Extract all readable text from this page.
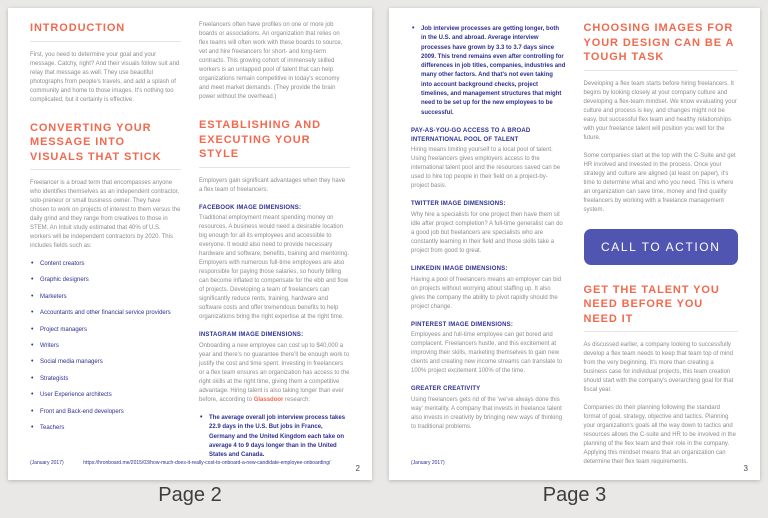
INTRODUCTION

First, you need to determine your goal and your message. Catchy, right? And their visuals follow suit and relay that message as well. They use beautiful photographs from people's travels, and add a splash of community and home to those images. It's nothing too complicated, but it certainly is effective.

CONVERTING YOUR MESSAGE INTO VISUALS THAT STICK

Freelancer is a broad term that encompasses anyone who identifies themselves as an independent contractor, solo-preneur or small business owner. They have chosen to work on projects of interest to them versus the daily grind and they range from creatives to those in STEM. An Intuit study estimated that 40% of U.S. workers will be independent contractors by 2020. This includes fields such as:

• Content creators
• Graphic designers
• Marketers
• Accountants and other financial service providers
• Project managers
• Writers
• Social media managers
• Strategists
• User Experience architects
• Front and Back-end developers
• Teachers

Freelancers often have profiles on one or more job boards or associations. An organization that relies on flex teams will often work with these boards to source, vet and hire freelancers for short- and long-term contracts. This growing cohort of immensely skilled workers is an untapped pool of talent that can help organizations remain competitive in today's economy and meet market demands. (They provide the brain power without the overhead.)

ESTABLISHING AND EXECUTING YOUR STYLE

Employers gain significant advantages when they have a flex team of freelancers:

FACEBOOK IMAGE DIMENSIONS:

Traditional employment meant spending money on resources. A business would need a desirable location big enough for all its employees and accessible to everyone. It would also need to provide necessary hardware and software, benefits, training and mentoring. Employers with numerous full-time employees are also responsible for paying those salaries, so hourly billing can become inflated to compensate for the ebb and flow of projects. Developing a team of freelancers can significantly reduce rents, training, hardware and software costs and offer tremendous benefits to help organizations bring the right expertise at the right time.

INSTAGRAM IMAGE DIMENSIONS:

Onboarding a new employee can cost up to $40,000 a year and there's no guarantee there'll be enough work to justify the cost and time spent. Investing in freelancers or a flex team ensures an organization has access to the right skills at the right time, giving them a competitive advantage. Hiring talent is also taking longer than ever before, according to Glassdoor research:

• The average overall job interview process takes 22.9 days in the U.S. But jobs in France, Germany and the United Kingdom each take on average 4 to 9 days longer than in the United States and Canada.
(January 2017)	https://hronboard.me/2015/03/how-much-does-it-really-cost-to-onboard-a-new-candidate-employee-onboarding/
2
• Job interview processes are getting longer, both in the U.S. and abroad. Average interview processes have grown by 3.3 to 3.7 days since 2009. This trend remains even after controlling for differences in job titles, companies, industries and many other factors. And that's not even taking into account background checks, project timelines, and management structures that might need to be set up for the new employees to be successful.
PAY-AS-YOU-GO ACCESS TO A BROAD INTERNATIONAL POOL OF TALENT

Hiring means limiting yourself to a local pool of talent. Using freelancers gives employers access to the international talent pool and the resources saved can be used to hire top people in their field on a project-by-project basis.

TWITTER IMAGE DIMENSIONS:

Why hire a specialists for one project then have them sit idle after project completion? A full-time generalist can do a good job but freelancers are specialists who are constantly learning in their field and those skills take a project from good to great.

LINKEDIN IMAGE DIMENSIONS:

Having a pool of freelancers means an employer can bid on projects without worrying about staffing up. It also gives the company the ability to pivot rapidly should the project change.

PINTEREST IMAGE DIMENSIONS:

Employees and full-time employee can get bored and complacent. Freelancers hustle, and this excitement at improving their skills, marketing themselves to gain new clients and creating new income streams can translate to 100% project excitement 100% of the time.

GREATER CREATIVITY

Using freelancers gets rid of the 'we've always done this way' mentality. A company that invests in freelance talent also invests in creativity by bringing new ways of thinking to traditional problems.

CHOOSING IMAGES FOR YOUR DESIGN CAN BE A TOUGH TASK

Developing a flex team starts before hiring freelancers. It begins by looking closely at your company culture and developing a flex-team mindset. We know evaluating your culture and process is key, and changes might not be easy, but successful flex team and healthy relationships with your freelance talent will position you well for the future.

Some companies start at the top with the C-Suite and get HR involved and invested in the process. Once your strategy and culture are aligned (at least on paper), it's time to determine what and who you need. This is where an organization can save time, money and find quality freelancers by working with a freelance management system.

CALL TO ACTION
GET THE TALENT YOU NEED BEFORE YOU NEED IT

As discussed earlier, a company looking to successfully develop a flex team needs to keep that team top of mind from the very beginning. It's more than creating a business case for individual projects, this team creation should start with the company's overarching goal for that fiscal year.

Companies do their planning following the standard format of goal, strategy, objective and tactics. Planning your organization's goals all the way down to tactics and resources allows the C-suite and HR to be involved in the planning of the flex team and their role in the company. Applying this mindset means that an organization can determine their flex team requirements.

(January 2017)
3
Page 2	Page 3
